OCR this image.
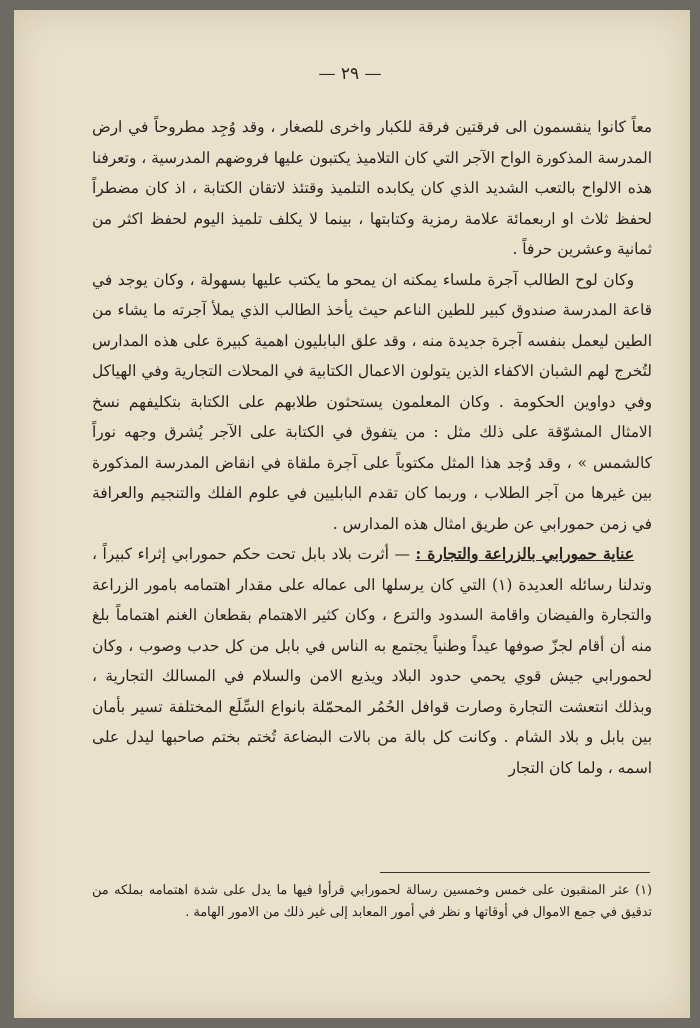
— ٢٩ —

معاً كانوا ينقسمون الى فرقتين فرقة للكبار واخرى للصغار ، وقد وُجِد مطروحاً في ارض المدرسة المذكورة الواح الآجر التي كان التلاميذ يكتبون عليها فروضهم المدرسية ، وتعرفنا هذه الالواح بالتعب الشديد الذي كان يكابده التلميذ وقتئذ لاتقان الكتابة ، اذ كان مضطراً لحفظ ثلاث او اربعمائة علامة رمزية وكتابتها ، بينما لا يكلف تلميذ اليوم لحفظ اكثر من ثمانية وعشرين حرفاً .

وكان لوح الطالب آجرة ملساء يمكنه ان يمحو ما يكتب عليها بسهولة ، وكان يوجد في قاعة المدرسة صندوق كبير للطين الناعم حيث يأخذ الطالب الذي يملأ آجرته ما يشاء من الطين ليعمل بنفسه آجرة جديدة منه ، وقد علق البابليون اهمية كبيرة على هذه المدارس لتُخرج لهم الشبان الاكفاء الذين يتولون الاعمال الكتابية في المحلات التجارية وفي الهياكل وفي دواوين الحكومة . وكان المعلمون يستحثون طلابهم على الكتابة بتكليفهم نسخ الامثال المشوّقة على ذلك مثل : من يتفوق في الكتابة على الآجر يُشرق وجهه نوراً كالشمس » ، وقد وُجد هذا المثل مكتوباً على آجرة ملقاة في انقاض المدرسة المذكورة بين غيرها من آجر الطلاب ، وربما كان تقدم البابليين في علوم الفلك والتنجيم والعرافة في زمن حمورابي عن طريق امثال هذه المدارس .

عناية حمورابي بالزراعة والتجارة : — أثرت بلاد بابل تحت حكم حمورابي إثراء كبيراً ، وتدلنا رسائله العديدة (١) التي كان يرسلها الى عماله على مقدار اهتمامه بامور الزراعة والتجارة والفيضان واقامة السدود والترع ، وكان كثير الاهتمام بقطعان الغنم اهتماماً بلغ منه أن أقام لجزّ صوفها عيداً وطنياً يجتمع به الناس في بابل من كل حدب وصوب ، وكان لحمورابي جيش قوي يحمي حدود البلاد ويذيع الامن والسلام في المسالك التجارية ، وبذلك انتعشت التجارة وصارت قوافل الحُمُر المحمّلة بانواع السِّلَع المختلفة تسير بأمان بين بابل و بلاد الشام . وكانت كل بالة من بالات البضاعة تُختم بختم صاحبها ليدل على اسمه ، ولما كان التجار

(١) عثر المنقبون على خمس وخمسين رسالة لحمورابي قرأوا فيها ما يدل على شدة اهتمامه بملكه من تدقيق في جمع الاموال في أوقاتها و نظر في أمور المعابد إلى غير ذلك من الامور الهامة .
